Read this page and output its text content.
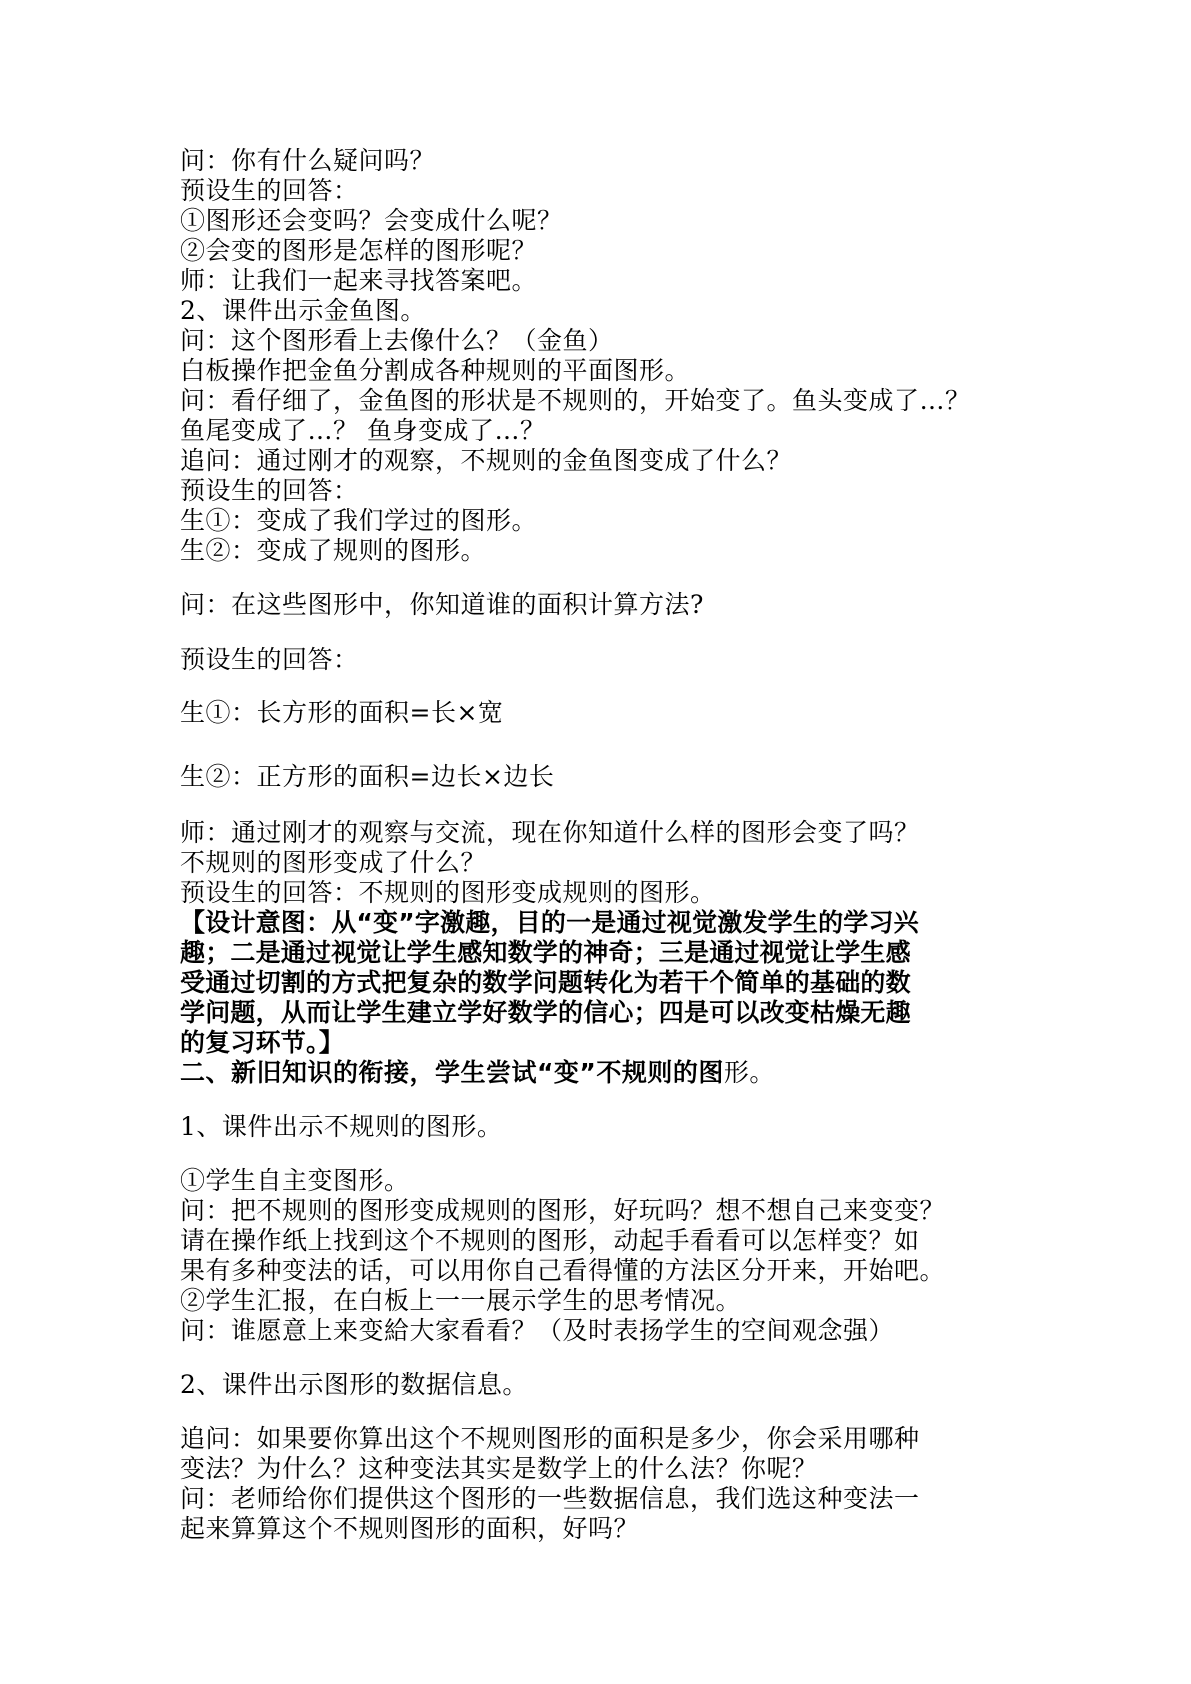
问：你有什么疑问吗？

预设生的回答：

①图形还会变吗？会变成什么呢？

②会变的图形是怎样的图形呢？

师：让我们一起来寻找答案吧。

2、课件出示金鱼图。

问：这个图形看上去像什么？（金鱼）

白板操作把金鱼分割成各种规则的平面图形。

问：看仔细了，金鱼图的形状是不规则的，开始变了。鱼头变成了…？

鱼尾变成了…？ 鱼身变成了…？

追问：通过刚才的观察，不规则的金鱼图变成了什么？

预设生的回答：

生①：变成了我们学过的图形。

生②：变成了规则的图形。

问：在这些图形中，你知道谁的面积计算方法?

预设生的回答：

生①：长方形的面积=长×宽

生②：正方形的面积=边长×边长

师：通过刚才的观察与交流，现在你知道什么样的图形会变了吗？

不规则的图形变成了什么？

预设生的回答：不规则的图形变成规则的图形。

【设计意图：从“变”字激趣，目的一是通过视觉激发学生的学习兴

趣；二是通过视觉让学生感知数学的神奇；三是通过视觉让学生感

受通过切割的方式把复杂的数学问题转化为若干个简单的基础的数

学问题，从而让学生建立学好数学的信心；四是可以改变枯燥无趣

的复习环节。】

二、新旧知识的衔接，学生尝试“变”不规则的图形。

1、课件出示不规则的图形。

①学生自主变图形。

问：把不规则的图形变成规则的图形，好玩吗？想不想自己来变变？

请在操作纸上找到这个不规则的图形，动起手看看可以怎样变？如

果有多种变法的话，可以用你自己看得懂的方法区分开来，开始吧。

②学生汇报，在白板上一一展示学生的思考情况。

问：谁愿意上来变給大家看看？（及时表扬学生的空间观念强）

2、课件出示图形的数据信息。

追问：如果要你算出这个不规则图形的面积是多少，你会采用哪种

变法？为什么？这种变法其实是数学上的什么法？你呢？

问：老师给你们提供这个图形的一些数据信息，我们选这种变法一

起来算算这个不规则图形的面积，好吗？
